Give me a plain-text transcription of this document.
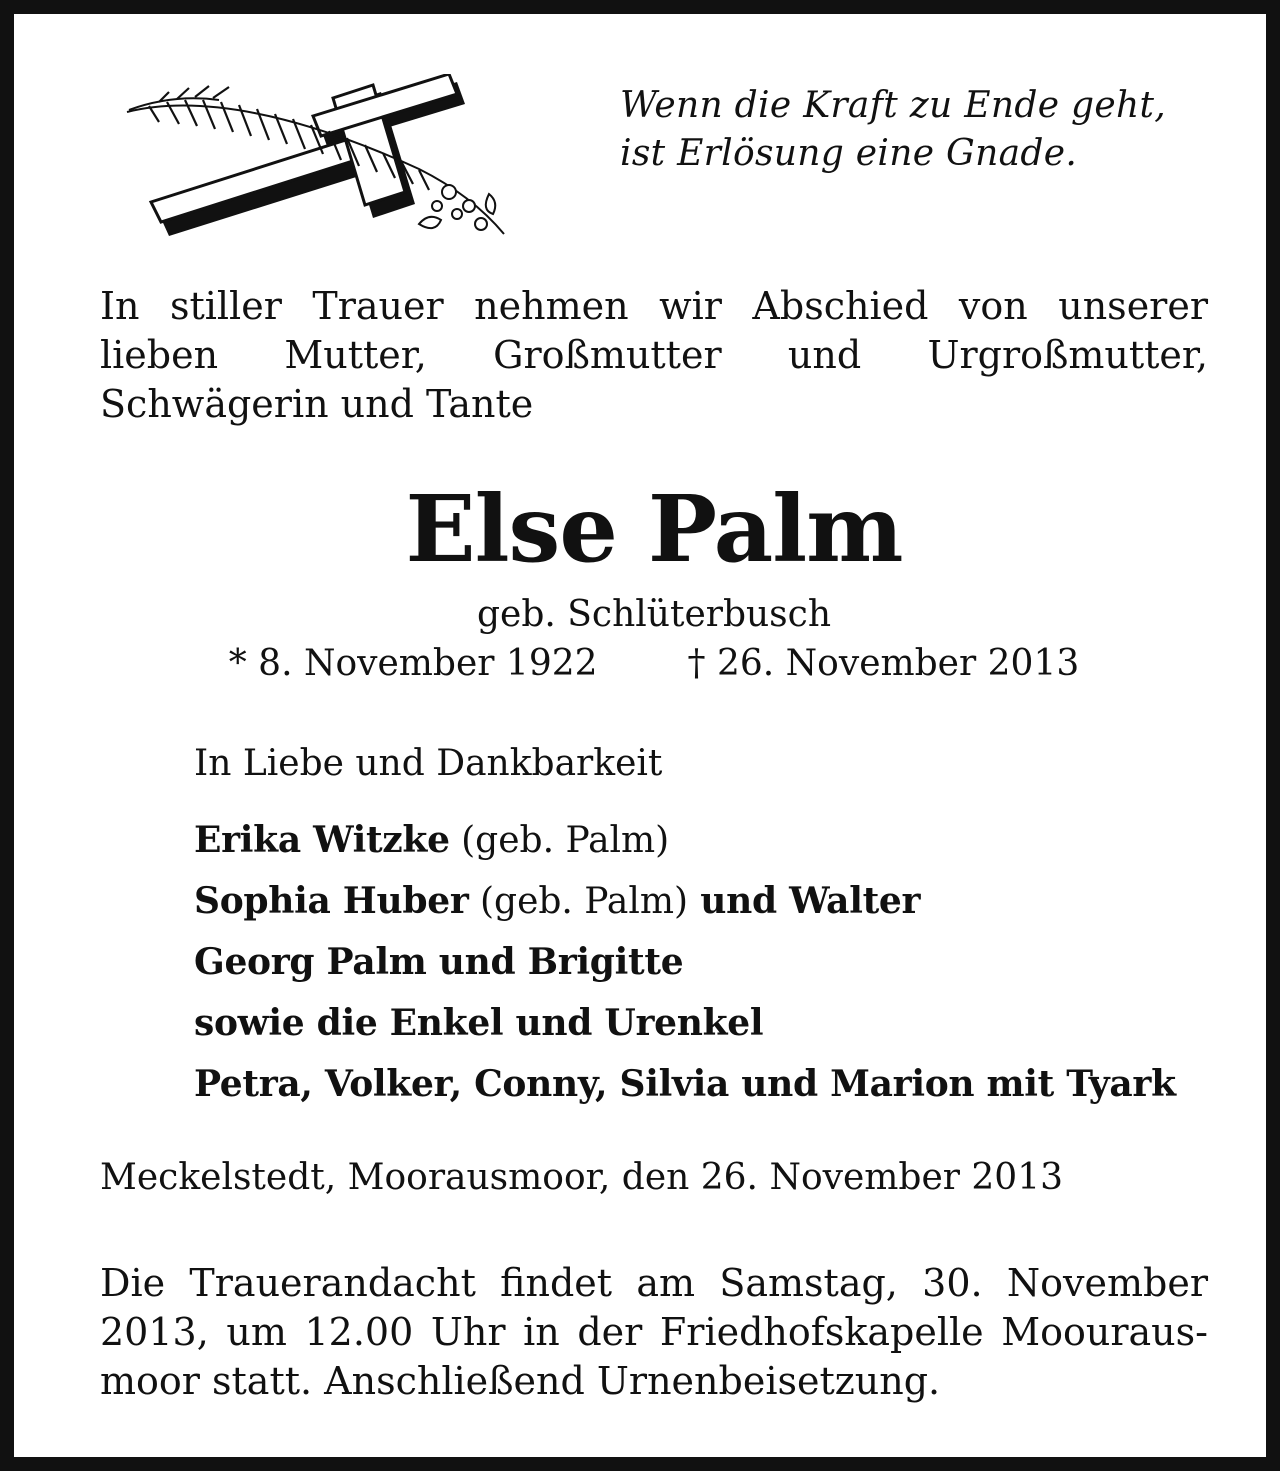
Wenn die Kraft zu Ende geht,
ist Erlösung eine Gnade.
In stiller Trauer nehmen wir Abschied von unserer
lieben Mutter, Großmutter und Urgroßmutter,
Schwägerin und Tante
Else Palm
geb. Schlüterbusch
* 8. November 1922	† 26. November 2013
In Liebe und Dankbarkeit
Erika Witzke (geb. Palm)
Sophia Huber (geb. Palm) und Walter
Georg Palm und Brigitte
sowie die Enkel und Urenkel
Petra, Volker, Conny, Silvia und Marion mit Tyark
Meckelstedt, Moorausmoor, den 26. November 2013
Die Trauerandacht findet am Samstag, 30. November
2013, um 12.00 Uhr in der Friedhofskapelle Moouraus-
moor statt. Anschließend Urnenbeisetzung.
